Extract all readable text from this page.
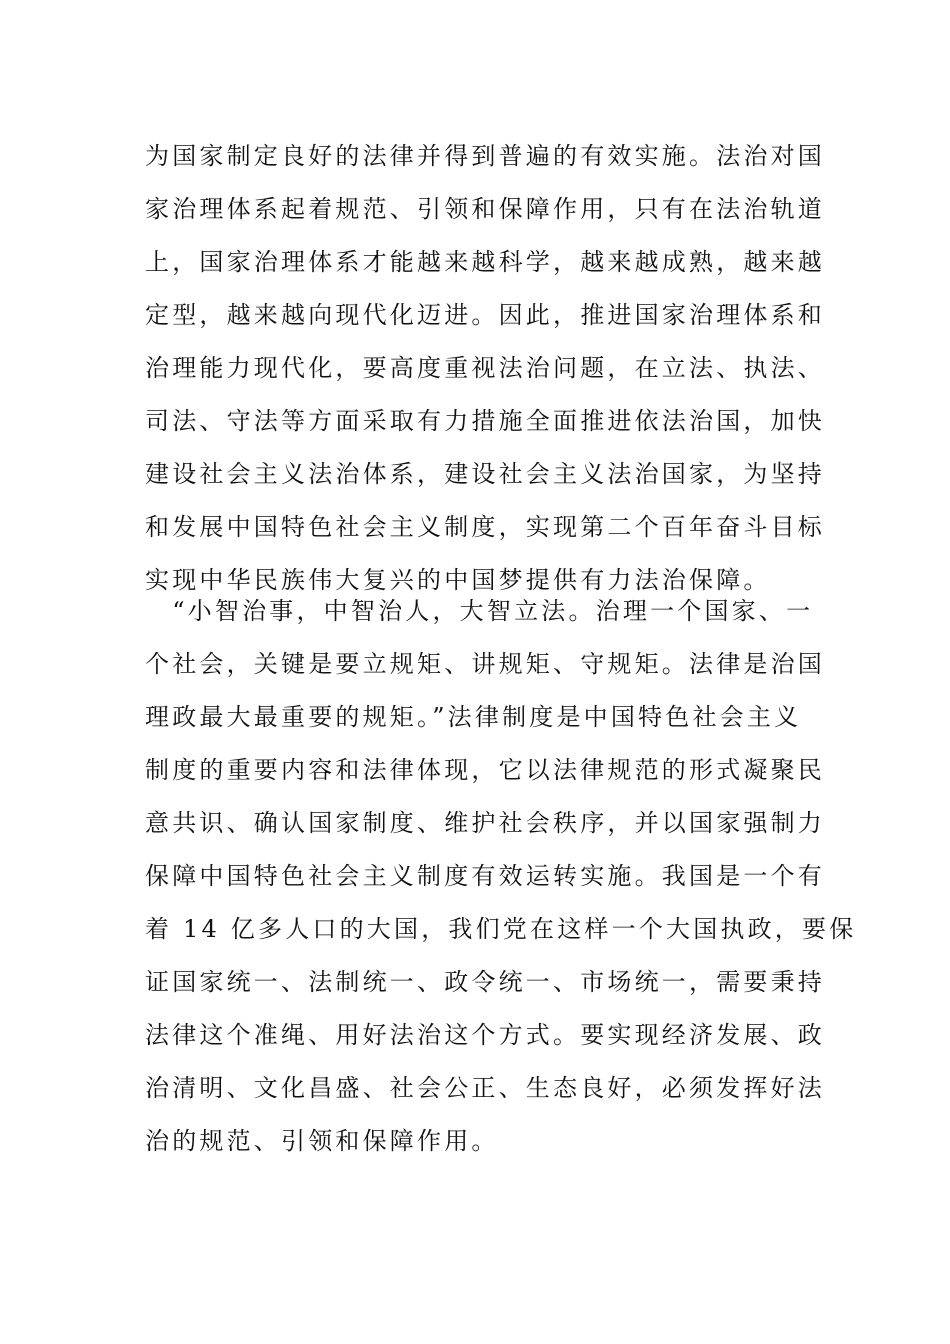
为国家制定良好的法律并得到普遍的有效实施。法治对国
家治理体系起着规范、引领和保障作用，只有在法治轨道
上，国家治理体系才能越来越科学，越来越成熟，越来越
定型，越来越向现代化迈进。因此，推进国家治理体系和
治理能力现代化，要高度重视法治问题，在立法、执法、
司法、守法等方面采取有力措施全面推进依法治国，加快
建设社会主义法治体系，建设社会主义法治国家，为坚持
和发展中国特色社会主义制度，实现第二个百年奋斗目标
实现中华民族伟大复兴的中国梦提供有力法治保障。
　“小智治事，中智治人，大智立法。治理一个国家、一
个社会，关键是要立规矩、讲规矩、守规矩。法律是治国
理政最大最重要的规矩。”法律制度是中国特色社会主义
制度的重要内容和法律体现，它以法律规范的形式凝聚民
意共识、确认国家制度、维护社会秩序，并以国家强制力
保障中国特色社会主义制度有效运转实施。我国是一个有
着 14 亿多人口的大国，我们党在这样一个大国执政，要保
证国家统一、法制统一、政令统一、市场统一，需要秉持
法律这个准绳、用好法治这个方式。要实现经济发展、政
治清明、文化昌盛、社会公正、生态良好，必须发挥好法
治的规范、引领和保障作用。
